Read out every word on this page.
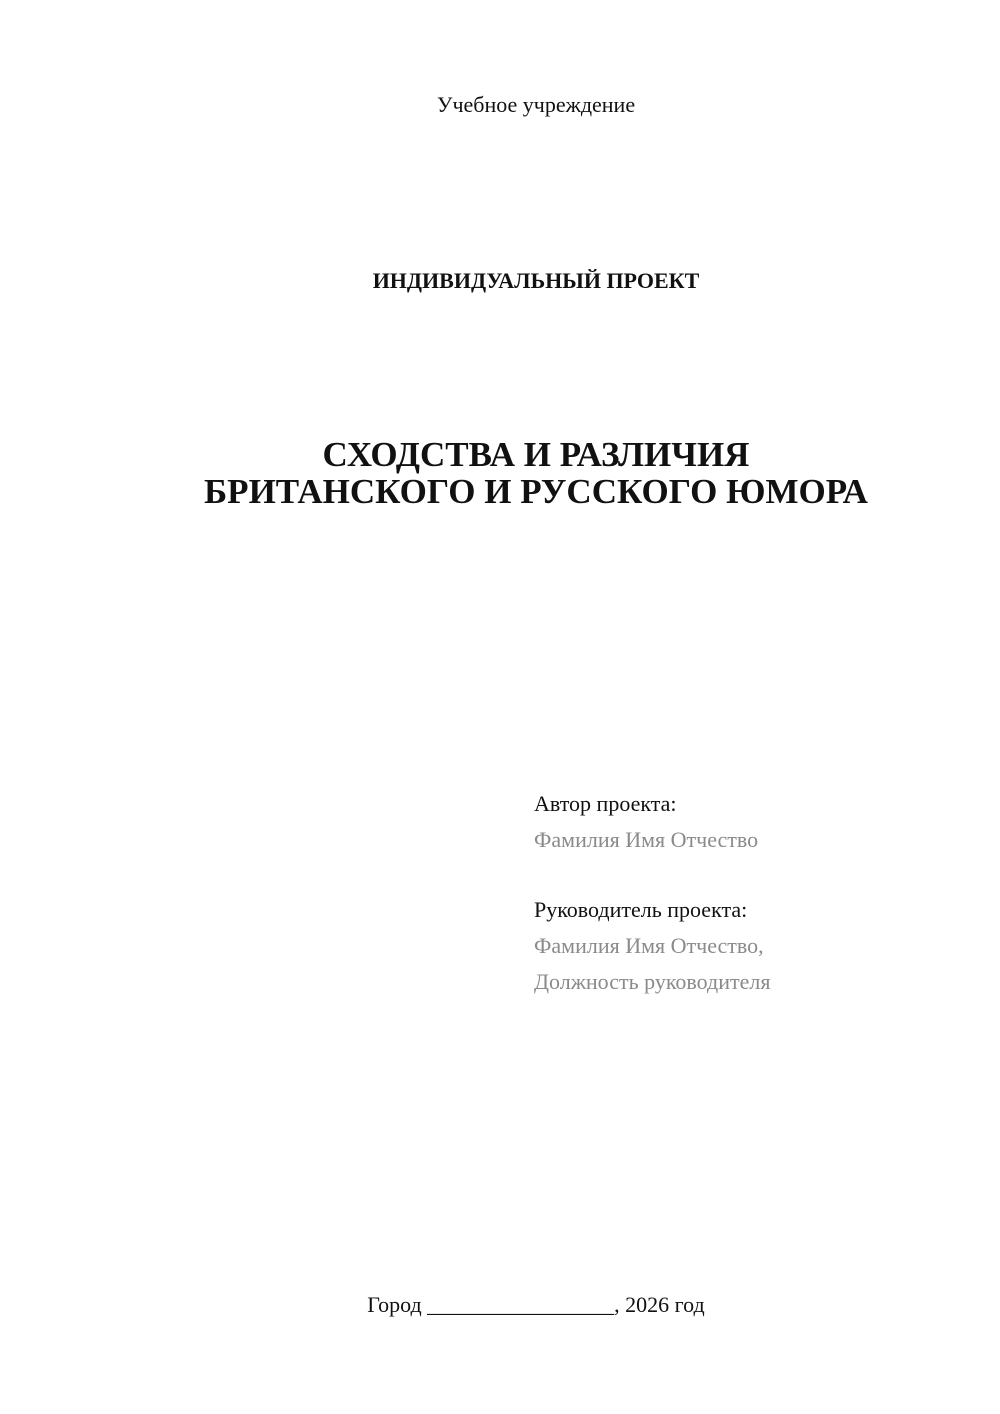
Учебное учреждение
ИНДИВИДУАЛЬНЫЙ ПРОЕКТ
СХОДСТВА И РАЗЛИЧИЯ
БРИТАНСКОГО И РУССКОГО ЮМОРА
Автор проекта:
Фамилия Имя Отчество
Руководитель проекта:
Фамилия Имя Отчество,
Должность руководителя
Город _________________, 2026 год
